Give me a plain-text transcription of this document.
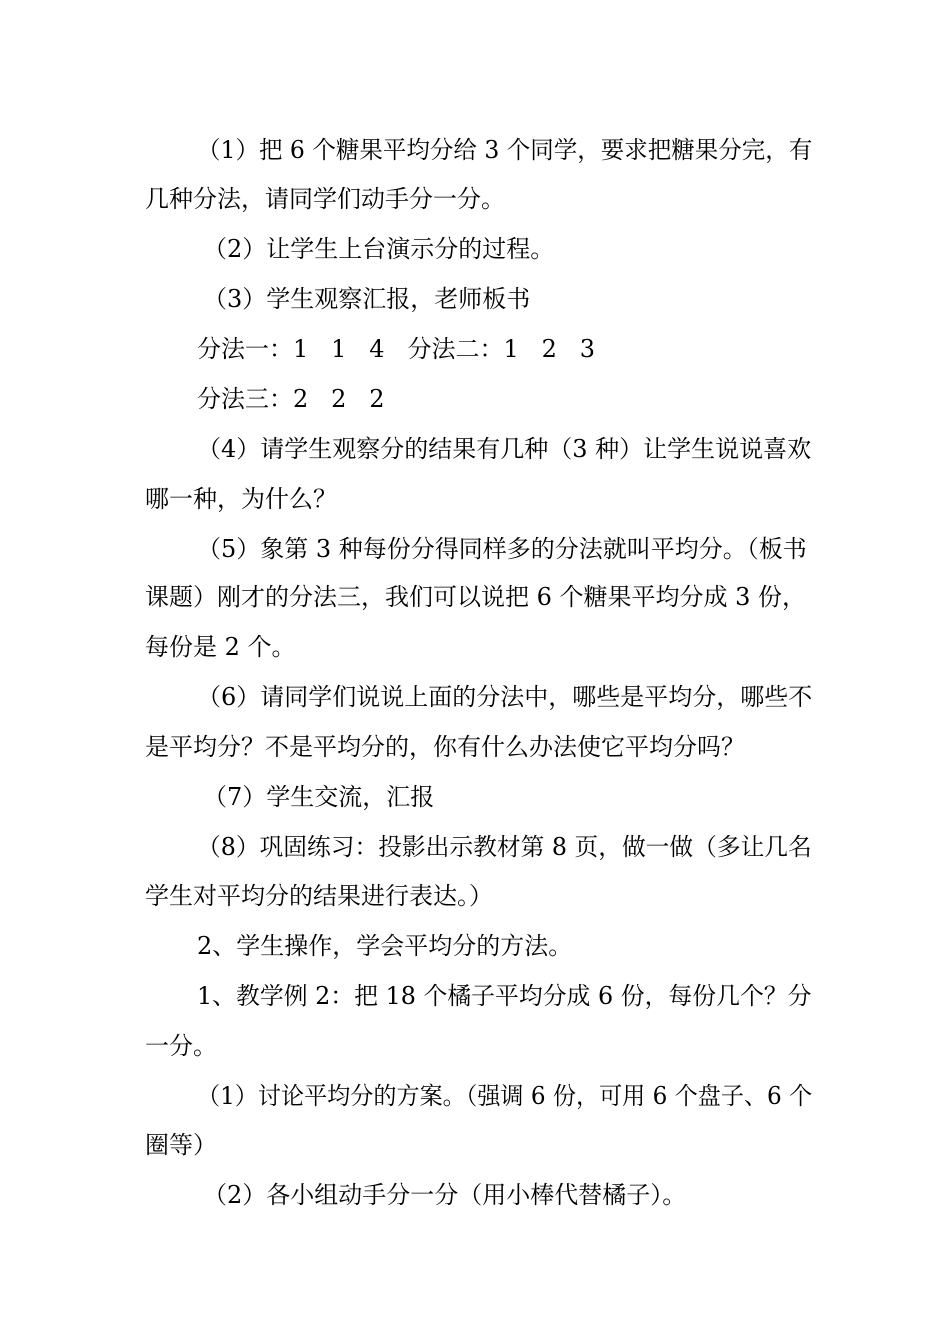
（1）把 6 个糖果平均分给 3 个同学，要求把糖果分完，有
几种分法，请同学们动手分一分。
（2）让学生上台演示分的过程。
（3）学生观察汇报，老师板书
分法一：1   1   4   分法二：1   2   3
分法三：2   2   2
（4）请学生观察分的结果有几种（3 种）让学生说说喜欢
哪一种，为什么？
（5）象第 3 种每份分得同样多的分法就叫平均分。（板书
课题）刚才的分法三，我们可以说把 6 个糖果平均分成 3 份，
每份是 2 个。
（6）请同学们说说上面的分法中，哪些是平均分，哪些不
是平均分？不是平均分的，你有什么办法使它平均分吗？
（7）学生交流，汇报
（8）巩固练习：投影出示教材第 8 页，做一做（多让几名
学生对平均分的结果进行表达。）
2、学生操作，学会平均分的方法。
1、教学例 2：把 18 个橘子平均分成 6 份，每份几个？分
一分。
（1）讨论平均分的方案。（强调 6 份，可用 6 个盘子、6 个
圈等）
（2）各小组动手分一分（用小棒代替橘子）。
